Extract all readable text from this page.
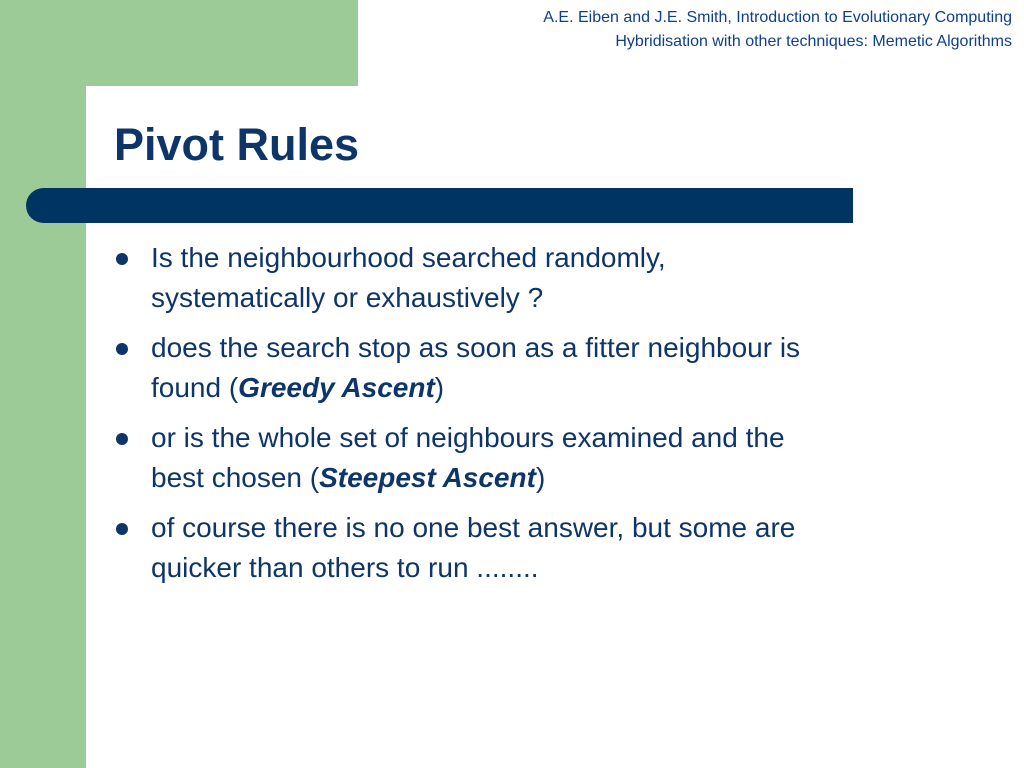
A.E. Eiben and J.E. Smith, Introduction to Evolutionary Computing
Hybridisation with other techniques: Memetic Algorithms
Pivot Rules
Is the neighbourhood searched randomly,
systematically or exhaustively ?
does the search stop as soon as a fitter neighbour is
found (Greedy Ascent)
or is the whole set of neighbours examined and the
best chosen (Steepest Ascent)
of course there is no one best answer, but some are
quicker than others to run ........
